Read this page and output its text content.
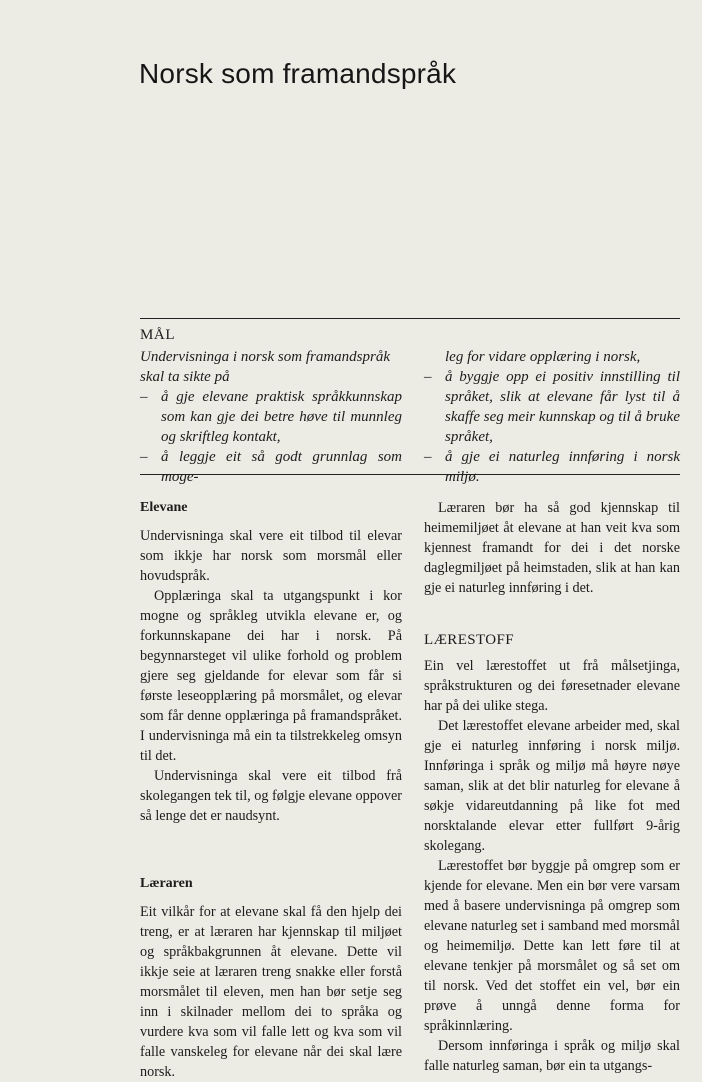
Norsk som framandspråk
MÅL

Undervisninga i norsk som framandspråk skal ta sikte på

– å gje elevane praktisk språkkunnskap som kan gje dei betre høve til munnleg og skriftleg kontakt,
– å leggje eit så godt grunnlag som moge-

leg for vidare opplæring i norsk,

– å byggje opp ei positiv innstilling til språket, slik at elevane får lyst til å skaffe seg meir kunnskap og til å bruke språket,
– å gje ei naturleg innføring i norsk miljø.
Elevane

Undervisninga skal vere eit tilbod til elevar som ikkje har norsk som morsmål eller hovudspråk.

Opplæringa skal ta utgangspunkt i kor mogne og språkleg utvikla elevane er, og forkunnskapane dei har i norsk. På begynnarsteget vil ulike forhold og problem gjere seg gjeldande for elevar som får si første leseopplæring på morsmålet, og elevar som får denne opplæringa på framandspråket. I undervisninga må ein ta tilstrekkeleg omsyn til det.

Undervisninga skal vere eit tilbod frå skolegangen tek til, og følgje elevane oppover så lenge det er naudsynt.

Læraren

Eit vilkår for at elevane skal få den hjelp dei treng, er at læraren har kjennskap til miljøet og språkbakgrunnen åt elevane. Dette vil ikkje seie at læraren treng snakke eller forstå morsmålet til eleven, men han bør setje seg inn i skilnader mellom dei to språka og vurdere kva som vil falle lett og kva som vil falle vanskeleg for elevane når dei skal lære norsk.

Læraren bør ha så god kjennskap til heimemiljøet åt elevane at han veit kva som kjennest framandt for dei i det norske daglegmiljøet på heimstaden, slik at han kan gje ei naturleg innføring i det.

LÆRESTOFF

Ein vel lærestoffet ut frå målsetjinga, språkstrukturen og dei føresetnader elevane har på dei ulike stega.

Det lærestoffet elevane arbeider med, skal gje ei naturleg innføring i norsk miljø. Innføringa i språk og miljø må høyre nøye saman, slik at det blir naturleg for elevane å søkje vidareutdanning på like fot med norsktalande elevar etter fullført 9-årig skolegang.

Lærestoffet bør byggje på omgrep som er kjende for elevane. Men ein bør vere varsam med å basere undervisninga på omgrep som elevane naturleg set i samband med morsmål og heimemiljø. Dette kan lett føre til at elevane tenkjer på morsmålet og så set om til norsk. Ved det stoffet ein vel, bør ein prøve å unngå denne forma for språkinnlæring.

Dersom innføringa i språk og miljø skal falle naturleg saman, bør ein ta utgangs-
